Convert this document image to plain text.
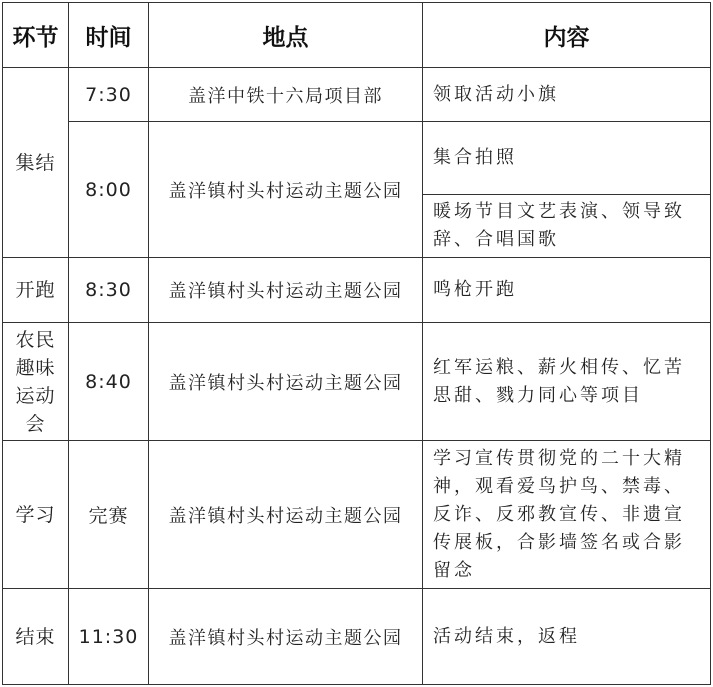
环节	时间	地点	内容
集结	7:30	盖洋中铁十六局项目部	领取活动小旗
	8:00	盖洋镇村头村运动主题公园	集合拍照
			暖场节目文艺表演、领导致辞、合唱国歌
开跑	8:30	盖洋镇村头村运动主题公园	鸣枪开跑
农民趣味运动会	8:40	盖洋镇村头村运动主题公园	红军运粮、薪火相传、忆苦思甜、戮力同心等项目
学习	完赛	盖洋镇村头村运动主题公园	学习宣传贯彻党的二十大精神，观看爱鸟护鸟、禁毒、反诈、反邪教宣传、非遗宣传展板，合影墙签名或合影留念
结束	11:30	盖洋镇村头村运动主题公园	活动结束，返程
